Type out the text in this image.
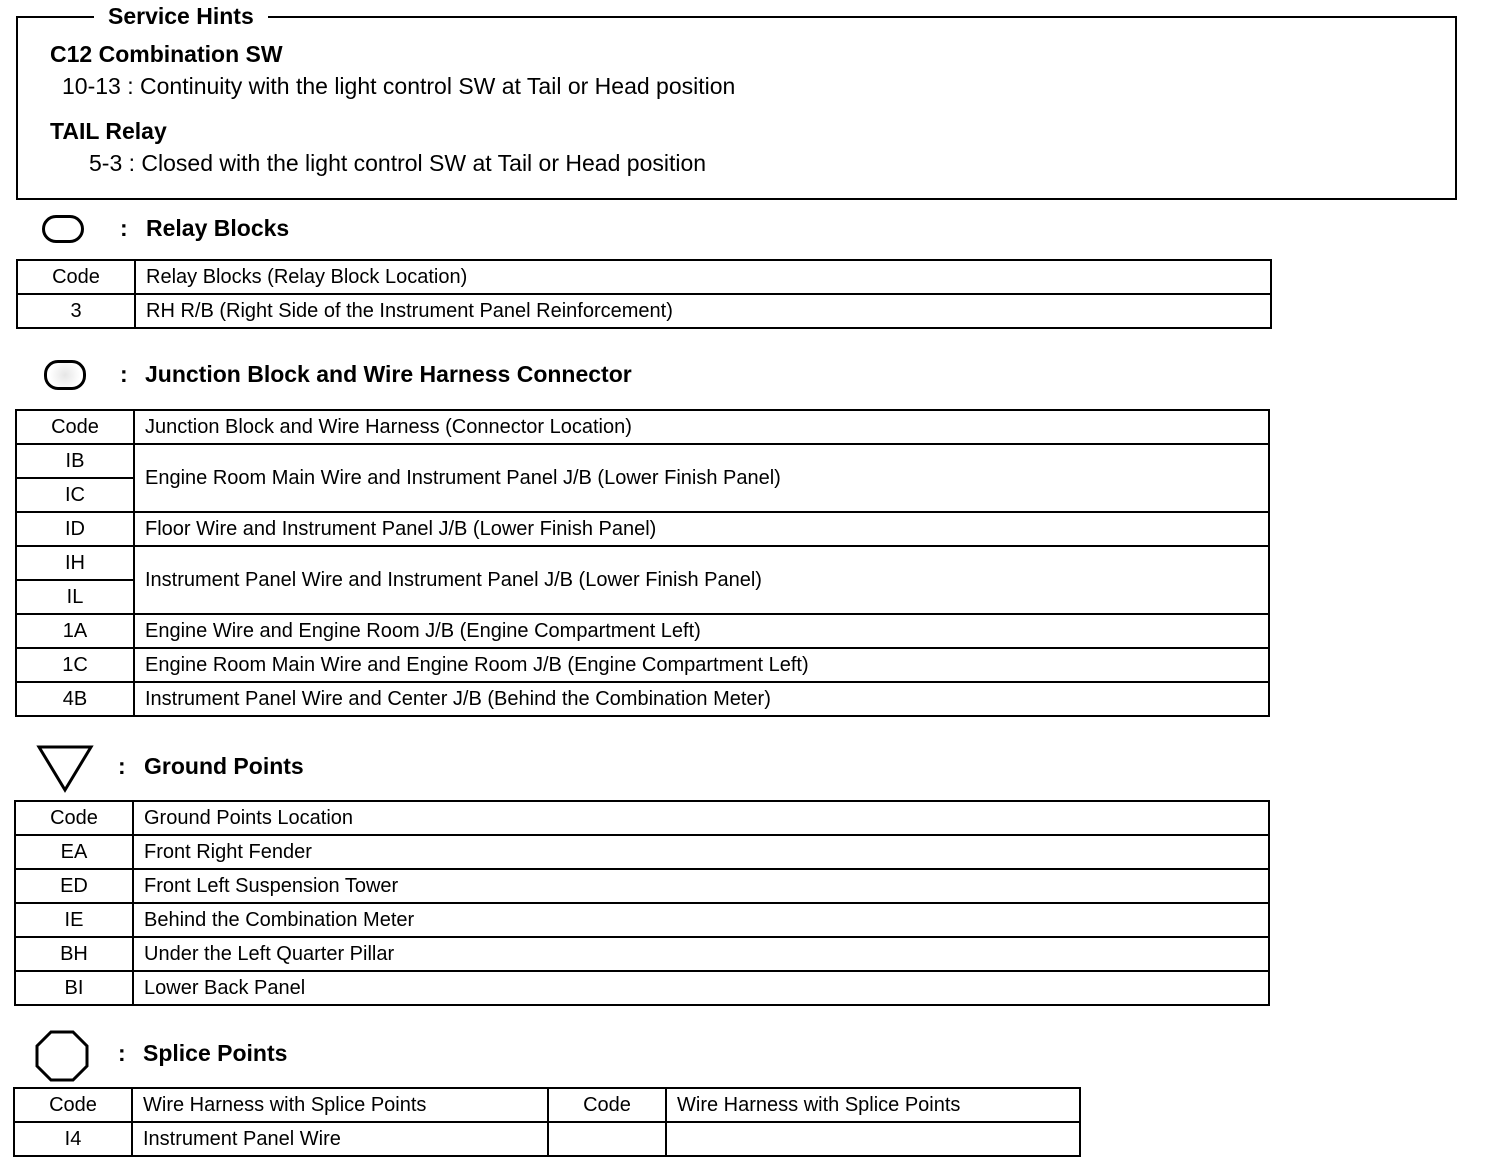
Service Hints
C12 Combination SW
10-13 : Continuity with the light control SW at Tail or Head position
TAIL Relay
5-3 : Closed with the light control SW at Tail or Head position
: Relay Blocks
Code	Relay Blocks (Relay Block Location)
3	RH R/B (Right Side of the Instrument Panel Reinforcement)
: Junction Block and Wire Harness Connector
Code	Junction Block and Wire Harness (Connector Location)
IB	Engine Room Main Wire and Instrument Panel J/B (Lower Finish Panel)
IC	
ID	Floor Wire and Instrument Panel J/B (Lower Finish Panel)
IH	Instrument Panel Wire and Instrument Panel J/B (Lower Finish Panel)
IL	
1A	Engine Wire and Engine Room J/B (Engine Compartment Left)
1C	Engine Room Main Wire and Engine Room J/B (Engine Compartment Left)
4B	Instrument Panel Wire and Center J/B (Behind the Combination Meter)
: Ground Points
Code	Ground Points Location
EA	Front Right Fender
ED	Front Left Suspension Tower
IE	Behind the Combination Meter
BH	Under the Left Quarter Pillar
BI	Lower Back Panel
: Splice Points
Code	Wire Harness with Splice Points	Code	Wire Harness with Splice Points
I4	Instrument Panel Wire		
